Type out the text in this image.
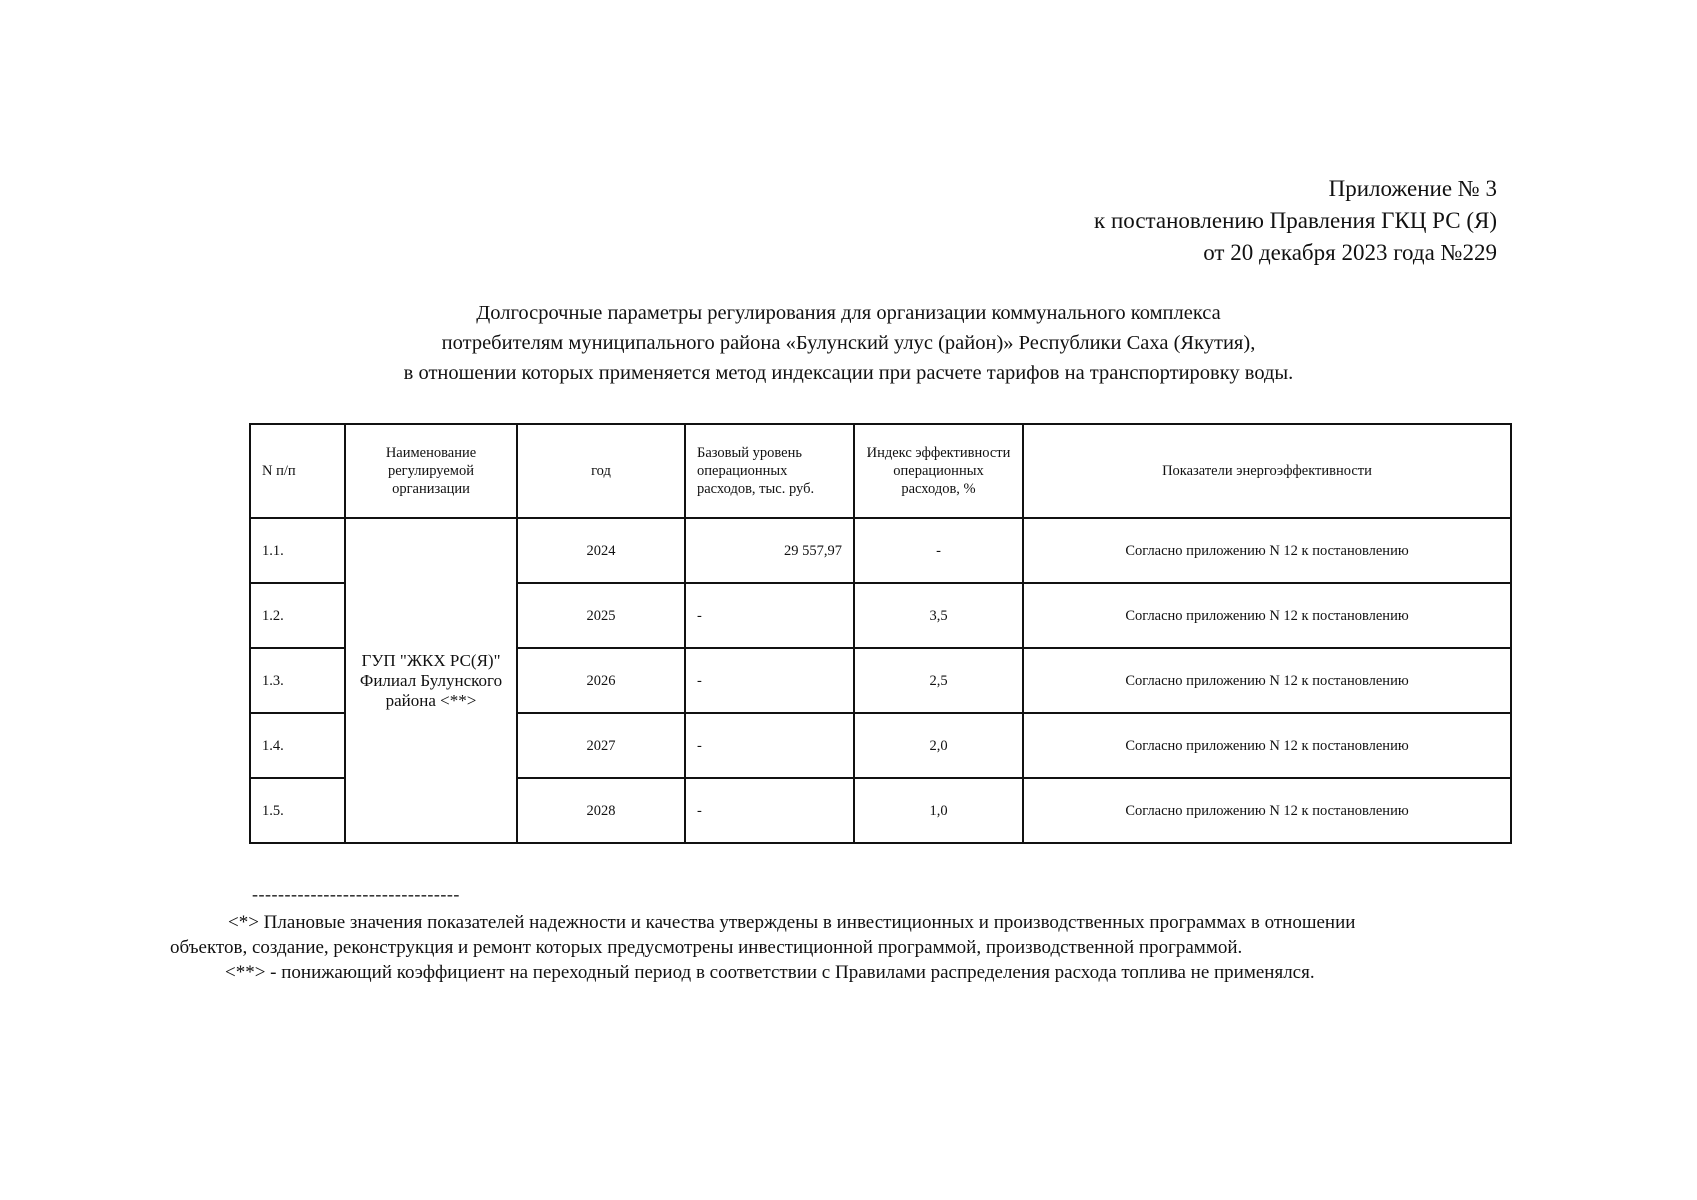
Приложение № 3
к постановлению Правления ГКЦ РС (Я)
от 20 декабря 2023 года №229
Долгосрочные параметры регулирования для организации коммунального комплекса
потребителям муниципального района «Булунский улус (район)» Республики Саха (Якутия),
в отношении которых применяется метод индексации при расчете тарифов на транспортировку воды.
N п/п	Наименование регулируемой организации	год	Базовый уровень операционных расходов, тыс. руб.	Индекс эффективности операционных расходов, %	Показатели энергоэффективности
1.1.	ГУП "ЖКХ РС(Я)" Филиал Булунского района <**>	2024	29 557,97	-	Согласно приложению N 12 к постановлению
1.2.		2025	-	3,5	Согласно приложению N 12 к постановлению
1.3.		2026	-	2,5	Согласно приложению N 12 к постановлению
1.4.		2027	-	2,0	Согласно приложению N 12 к постановлению
1.5.		2028	-	1,0	Согласно приложению N 12 к постановлению
--------------------------------
<*> Плановые значения показателей надежности и качества утверждены в инвестиционных и производственных программах в отношении
объектов, создание, реконструкция и ремонт которых предусмотрены инвестиционной программой, производственной программой.
<**> - понижающий коэффициент на переходный период в соответствии с Правилами распределения расхода топлива не применялся.
